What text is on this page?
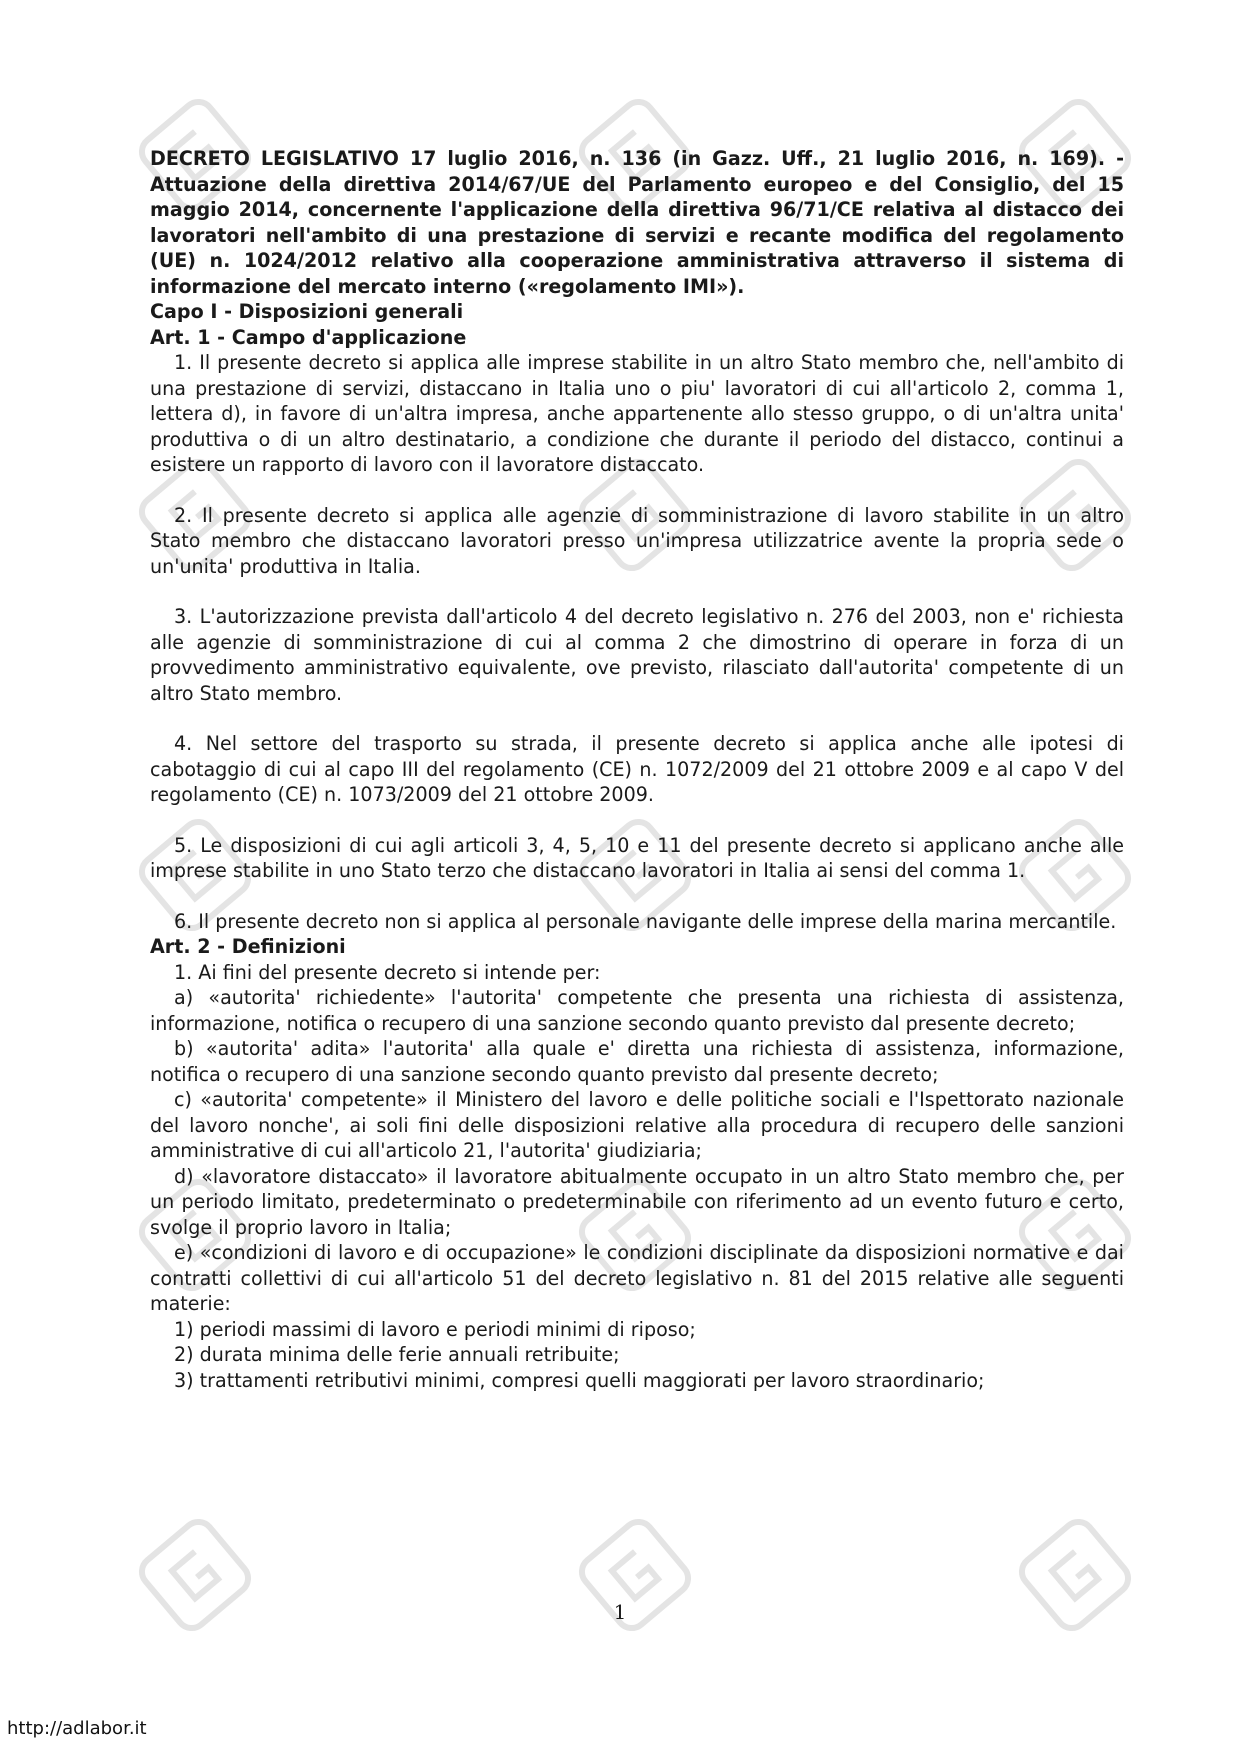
DECRETO LEGISLATIVO 17 luglio 2016, n. 136 (in Gazz. Uff., 21 luglio 2016, n. 169). - Attuazione della direttiva 2014/67/UE del Parlamento europeo e del Consiglio, del 15 maggio 2014, concernente l'applicazione della direttiva 96/71/CE relativa al distacco dei lavoratori nell'ambito di una prestazione di servizi e recante modifica del regolamento (UE) n. 1024/2012 relativo alla cooperazione amministrativa attraverso il sistema di informazione del mercato interno («regolamento IMI»).

Capo I - Disposizioni generali

Art. 1 - Campo d'applicazione

1. Il presente decreto si applica alle imprese stabilite in un altro Stato membro che, nell'ambito di una prestazione di servizi, distaccano in Italia uno o piu' lavoratori di cui all'articolo 2, comma 1, lettera d), in favore di un'altra impresa, anche appartenente allo stesso gruppo, o di un'altra unita' produttiva o di un altro destinatario, a condizione che durante il periodo del distacco, continui a esistere un rapporto di lavoro con il lavoratore distaccato.

2. Il presente decreto si applica alle agenzie di somministrazione di lavoro stabilite in un altro Stato membro che distaccano lavoratori presso un'impresa utilizzatrice avente la propria sede o un'unita' produttiva in Italia.

3. L'autorizzazione prevista dall'articolo 4 del decreto legislativo n. 276 del 2003, non e' richiesta alle agenzie di somministrazione di cui al comma 2 che dimostrino di operare in forza di un provvedimento amministrativo equivalente, ove previsto, rilasciato dall'autorita' competente di un altro Stato membro.

4. Nel settore del trasporto su strada, il presente decreto si applica anche alle ipotesi di cabotaggio di cui al capo III del regolamento (CE) n. 1072/2009 del 21 ottobre 2009 e al capo V del regolamento (CE) n. 1073/2009 del 21 ottobre 2009.

5. Le disposizioni di cui agli articoli 3, 4, 5, 10 e 11 del presente decreto si applicano anche alle imprese stabilite in uno Stato terzo che distaccano lavoratori in Italia ai sensi del comma 1.

6. Il presente decreto non si applica al personale navigante delle imprese della marina mercantile.

Art. 2 - Definizioni

1. Ai fini del presente decreto si intende per:

a) «autorita' richiedente» l'autorita' competente che presenta una richiesta di assistenza, informazione, notifica o recupero di una sanzione secondo quanto previsto dal presente decreto;

b) «autorita' adita» l'autorita' alla quale e' diretta una richiesta di assistenza, informazione, notifica o recupero di una sanzione secondo quanto previsto dal presente decreto;

c) «autorita' competente» il Ministero del lavoro e delle politiche sociali e l'Ispettorato nazionale del lavoro nonche', ai soli fini delle disposizioni relative alla procedura di recupero delle sanzioni amministrative di cui all'articolo 21, l'autorita' giudiziaria;

d) «lavoratore distaccato» il lavoratore abitualmente occupato in un altro Stato membro che, per un periodo limitato, predeterminato o predeterminabile con riferimento ad un evento futuro e certo, svolge il proprio lavoro in Italia;

e) «condizioni di lavoro e di occupazione» le condizioni disciplinate da disposizioni normative e dai contratti collettivi di cui all'articolo 51 del decreto legislativo n. 81 del 2015 relative alle seguenti materie:

1) periodi massimi di lavoro e periodi minimi di riposo;

2) durata minima delle ferie annuali retribuite;

3) trattamenti retributivi minimi, compresi quelli maggiorati per lavoro straordinario;

1
http://adlabor.it
